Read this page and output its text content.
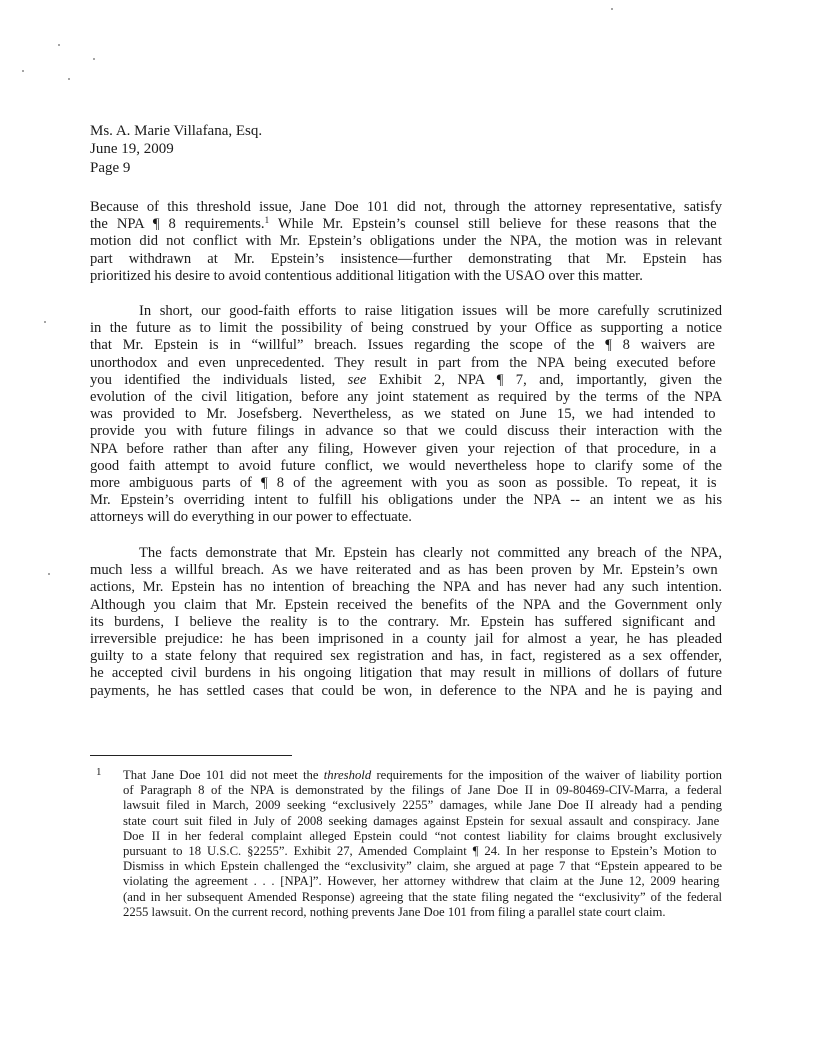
Ms. A. Marie Villafana, Esq.
June 19, 2009
Page 9
Because of this threshold issue, Jane Doe 101 did not, through the attorney representative, satisfy
the NPA ¶ 8 requirements.$^1$ While Mr. Epstein’s counsel still believe for these reasons that the
motion did not conflict with Mr. Epstein’s obligations under the NPA, the motion was in relevant
part withdrawn at Mr. Epstein’s insistence—further demonstrating that Mr. Epstein has
prioritized his desire to avoid contentious additional litigation with the USAO over this matter.
In short, our good-faith efforts to raise litigation issues will be more carefully scrutinized
in the future as to limit the possibility of being construed by your Office as supporting a notice
that Mr. Epstein is in “willful” breach. Issues regarding the scope of the ¶ 8 waivers are
unorthodox and even unprecedented. They result in part from the NPA being executed before
you identified the individuals listed, see Exhibit 2, NPA ¶ 7, and, importantly, given the
evolution of the civil litigation, before any joint statement as required by the terms of the NPA
was provided to Mr. Josefsberg. Nevertheless, as we stated on June 15, we had intended to
provide you with future filings in advance so that we could discuss their interaction with the
NPA before rather than after any filing, However given your rejection of that procedure, in a
good faith attempt to avoid future conflict, we would nevertheless hope to clarify some of the
more ambiguous parts of ¶ 8 of the agreement with you as soon as possible. To repeat, it is
Mr. Epstein’s overriding intent to fulfill his obligations under the NPA -- an intent we as his
attorneys will do everything in our power to effectuate.
The facts demonstrate that Mr. Epstein has clearly not committed any breach of the NPA,
much less a willful breach. As we have reiterated and as has been proven by Mr. Epstein’s own
actions, Mr. Epstein has no intention of breaching the NPA and has never had any such intention.
Although you claim that Mr. Epstein received the benefits of the NPA and the Government only
its burdens, I believe the reality is to the contrary. Mr. Epstein has suffered significant and
irreversible prejudice: he has been imprisoned in a county jail for almost a year, he has pleaded
guilty to a state felony that required sex registration and has, in fact, registered as a sex offender,
he accepted civil burdens in his ongoing litigation that may result in millions of dollars of future
payments, he has settled cases that could be won, in deference to the NPA and he is paying and
1 That Jane Doe 101 did not meet the threshold requirements for the imposition of the waiver of liability portion
of Paragraph 8 of the NPA is demonstrated by the filings of Jane Doe II in 09-80469-CIV-Marra, a federal
lawsuit filed in March, 2009 seeking “exclusively 2255” damages, while Jane Doe II already had a pending
state court suit filed in July of 2008 seeking damages against Epstein for sexual assault and conspiracy. Jane
Doe II in her federal complaint alleged Epstein could “not contest liability for claims brought exclusively
pursuant to 18 U.S.C. §2255”. Exhibit 27, Amended Complaint ¶ 24. In her response to Epstein’s Motion to
Dismiss in which Epstein challenged the “exclusivity” claim, she argued at page 7 that “Epstein appeared to be
violating the agreement . . . [NPA]”. However, her attorney withdrew that claim at the June 12, 2009 hearing
(and in her subsequent Amended Response) agreeing that the state filing negated the “exclusivity” of the federal
2255 lawsuit. On the current record, nothing prevents Jane Doe 101 from filing a parallel state court claim.
